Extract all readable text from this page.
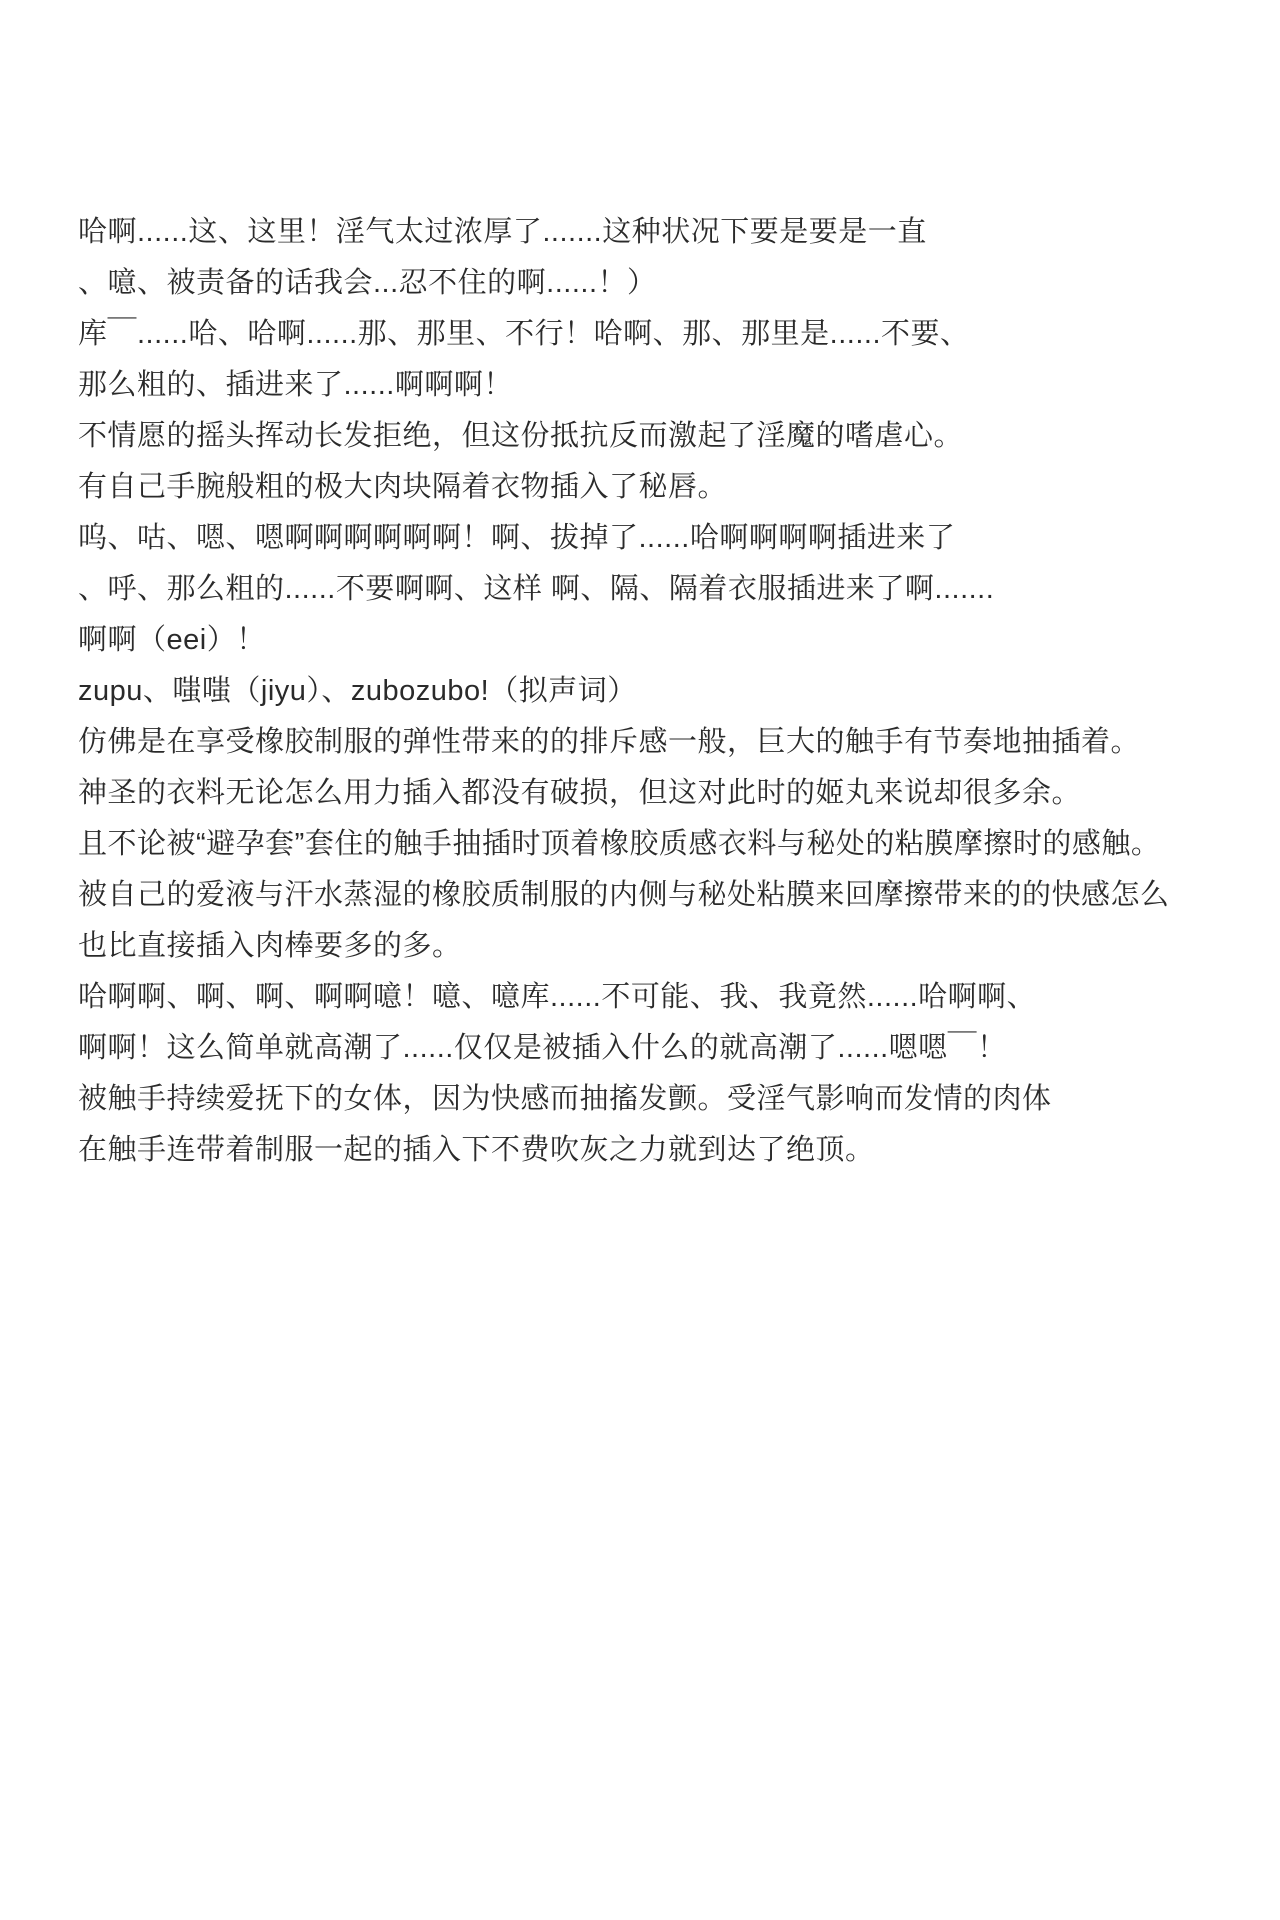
哈啊......这、这里！淫气太过浓厚了.......这种状况下要是要是一直

、噫、被责备的话我会...忍不住的啊......！）

库￣......哈、哈啊......那、那里、不行！哈啊、那、那里是......不要、

那么粗的、插进来了......啊啊啊！

不情愿的摇头挥动长发拒绝，但这份抵抗反而激起了淫魔的嗜虐心。

有自己手腕般粗的极大肉块隔着衣物插入了秘唇。

呜、咕、嗯、嗯啊啊啊啊啊啊！啊、拔掉了......哈啊啊啊啊插进来了

、呼、那么粗的......不要啊啊、这样 啊、隔、隔着衣服插进来了啊.......

啊啊（eei）！

zupu、嗤嗤（jiyu）、zubozubo!（拟声词）

仿佛是在享受橡胶制服的弹性带来的的排斥感一般，巨大的触手有节奏地抽插着。

神圣的衣料无论怎么用力插入都没有破损，但这对此时的姬丸来说却很多余。

且不论被“避孕套”套住的触手抽插时顶着橡胶质感衣料与秘处的粘膜摩擦时的感触。

被自己的爱液与汗水蒸湿的橡胶质制服的内侧与秘处粘膜来回摩擦带来的的快感怎么

也比直接插入肉棒要多的多。

哈啊啊、啊、啊、啊啊噫！噫、噫库......不可能、我、我竟然......哈啊啊、

啊啊！这么简单就高潮了......仅仅是被插入什么的就高潮了......嗯嗯￣！

被触手持续爱抚下的女体，因为快感而抽搐发颤。受淫气影响而发情的肉体

在触手连带着制服一起的插入下不费吹灰之力就到达了绝顶。
